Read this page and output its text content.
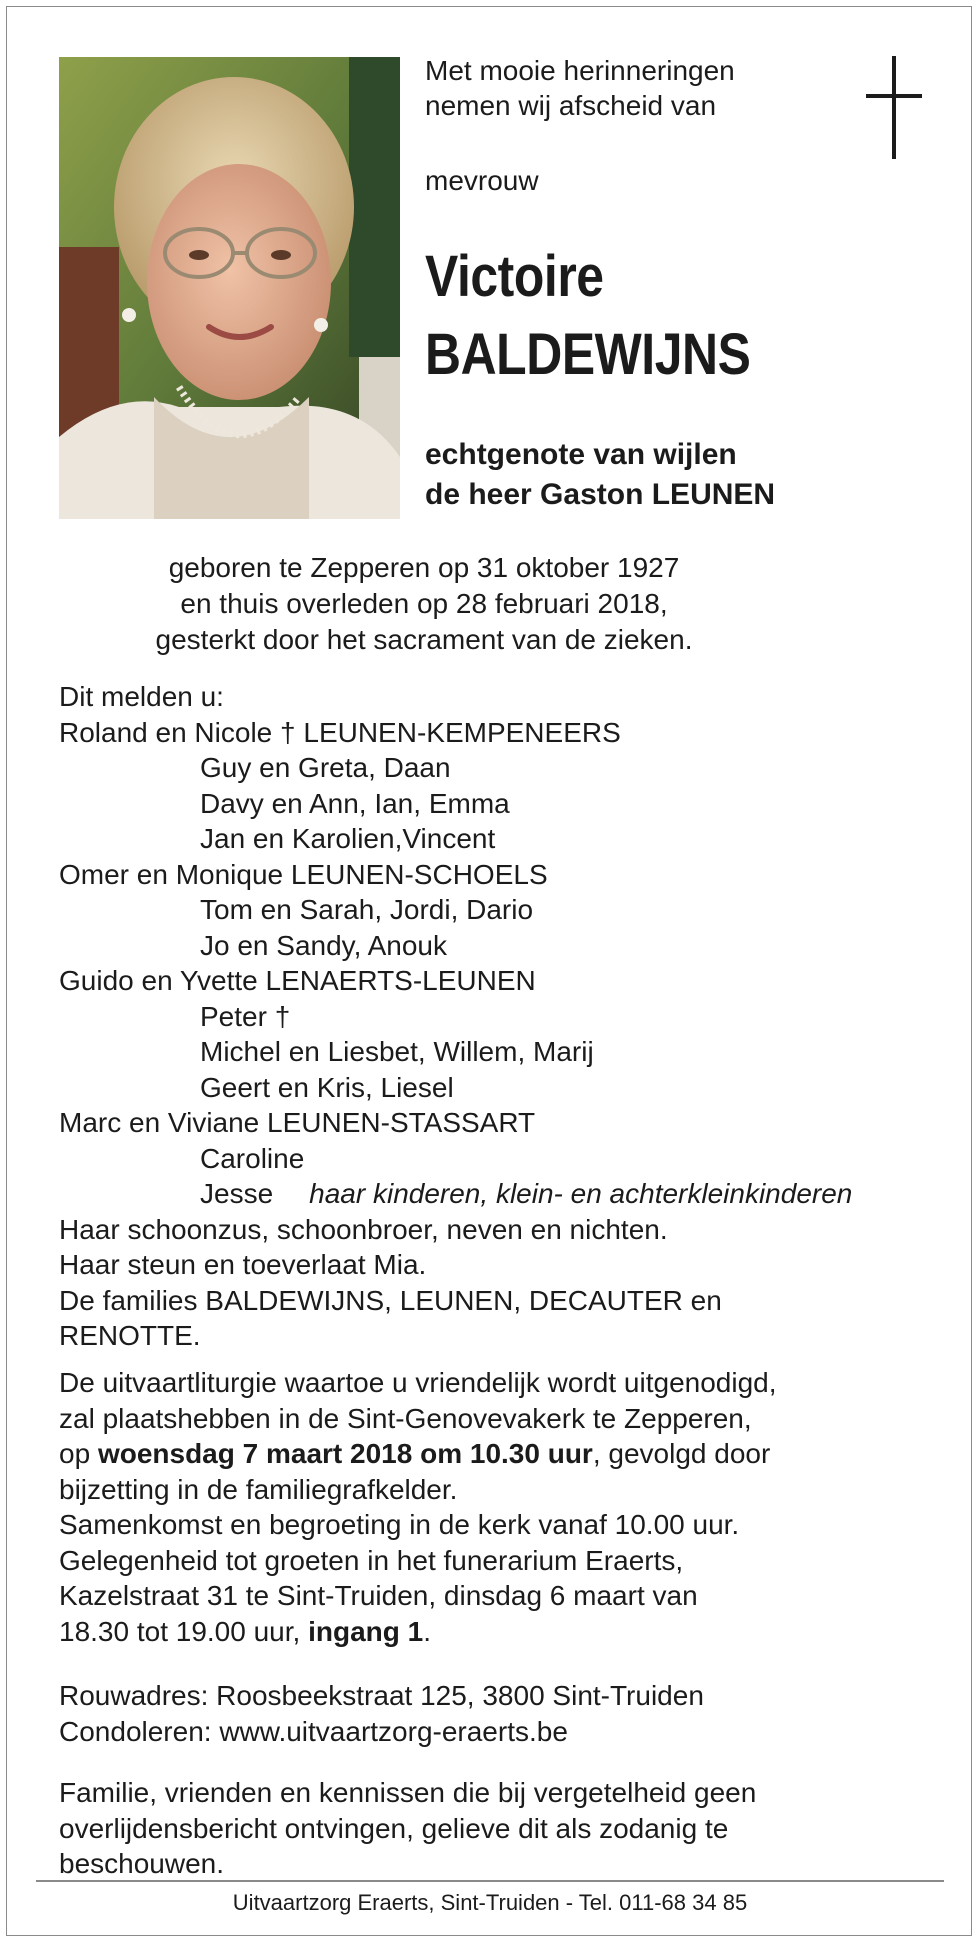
Met mooie herinneringen
nemen wij afscheid van
mevrouw
Victoire
BALDEWIJNS
echtgenote van wijlen
de heer Gaston LEUNEN
geboren te Zepperen op 31 oktober 1927
en thuis overleden op 28 februari 2018,
gesterkt door het sacrament van de zieken.
Dit melden u:
Roland en Nicole † LEUNEN-KEMPENEERS
Guy en Greta, Daan
Davy en Ann, Ian, Emma
Jan en Karolien,Vincent
Omer en Monique LEUNEN-SCHOELS
Tom en Sarah, Jordi, Dario
Jo en Sandy, Anouk
Guido en Yvette LENAERTS-LEUNEN
Peter †
Michel en Liesbet, Willem, Marij
Geert en Kris, Liesel
Marc en Viviane LEUNEN-STASSART
Caroline
Jesse haar kinderen, klein- en achterkleinkinderen
Haar schoonzus, schoonbroer, neven en nichten.
Haar steun en toeverlaat Mia.
De families BALDEWIJNS, LEUNEN, DECAUTER en
RENOTTE.
De uitvaartliturgie waartoe u vriendelijk wordt uitgenodigd,
zal plaatshebben in de Sint-Genovevakerk te Zepperen,
op woensdag 7 maart 2018 om 10.30 uur, gevolgd door
bijzetting in de familiegrafkelder.
Samenkomst en begroeting in de kerk vanaf 10.00 uur.
Gelegenheid tot groeten in het funerarium Eraerts,
Kazelstraat 31 te Sint-Truiden, dinsdag 6 maart van
18.30 tot 19.00 uur, ingang 1.
Rouwadres: Roosbeekstraat 125, 3800 Sint-Truiden
Condoleren: www.uitvaartzorg-eraerts.be
Familie, vrienden en kennissen die bij vergetelheid geen
overlijdensbericht ontvingen, gelieve dit als zodanig te
beschouwen.
Uitvaartzorg Eraerts, Sint-Truiden - Tel. 011-68 34 85
